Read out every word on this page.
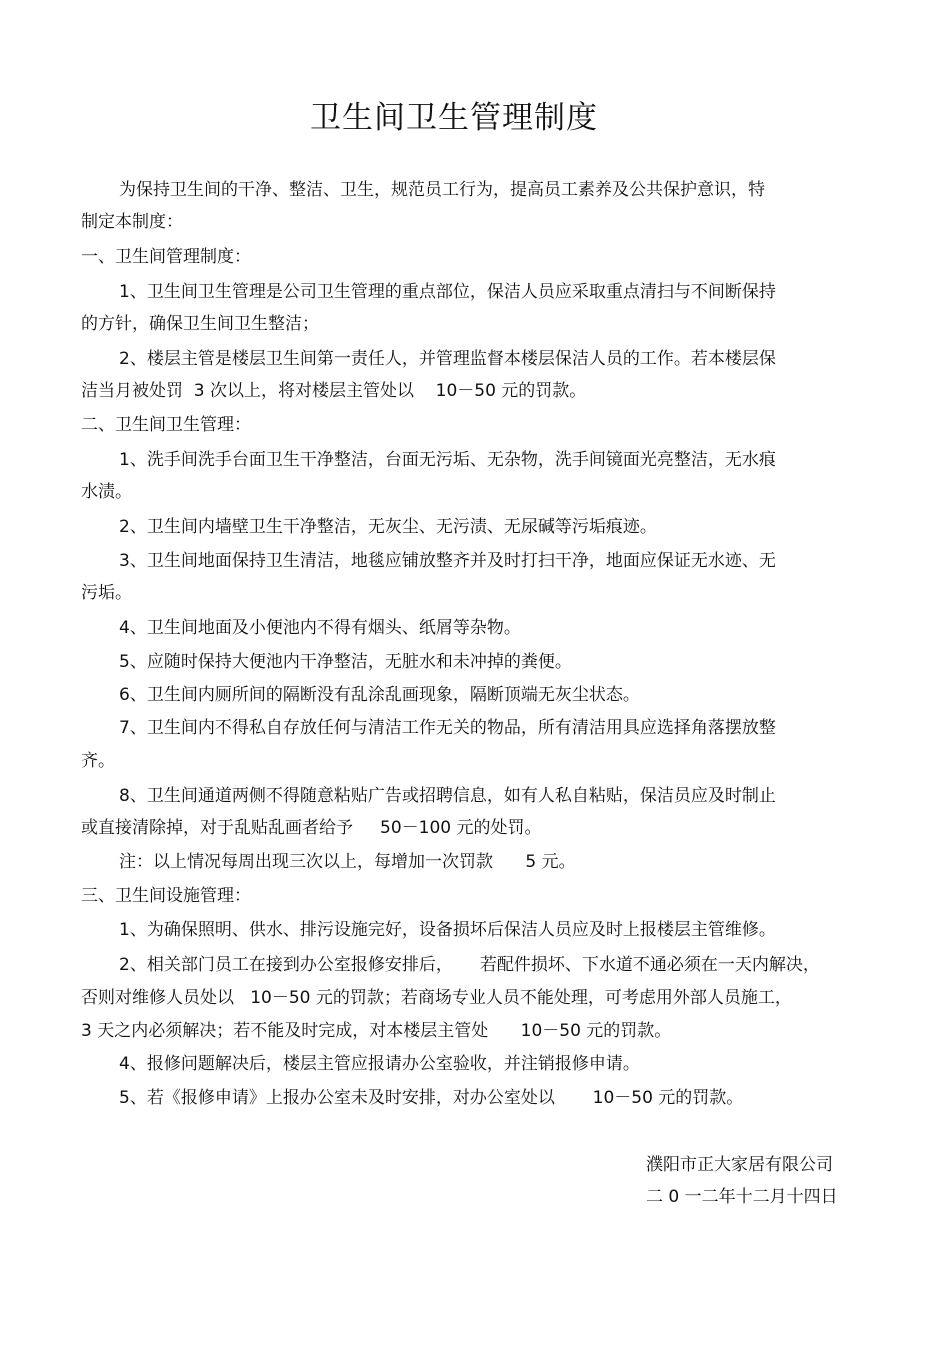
卫生间卫生管理制度

为保持卫生间的干净、整洁、卫生，规范员工行为，提高员工素养及公共保护意识，特

制定本制度：

一、卫生间管理制度：

1、卫生间卫生管理是公司卫生管理的重点部位，保洁人员应采取重点清扫与不间断保持

的方针，确保卫生间卫生整洁；

2、楼层主管是楼层卫生间第一责任人，并管理监督本楼层保洁人员的工作。若本楼层保

洁当月被处罚  3 次以上，将对楼层主管处以    10－50 元的罚款。

二、卫生间卫生管理：

1、洗手间洗手台面卫生干净整洁，台面无污垢、无杂物，洗手间镜面光亮整洁，无水痕

水渍。

2、卫生间内墙壁卫生干净整洁，无灰尘、无污渍、无尿碱等污垢痕迹。

3、卫生间地面保持卫生清洁，地毯应铺放整齐并及时打扫干净，地面应保证无水迹、无

污垢。

4、卫生间地面及小便池内不得有烟头、纸屑等杂物。

5、应随时保持大便池内干净整洁，无脏水和未冲掉的粪便。

6、卫生间内厕所间的隔断没有乱涂乱画现象，隔断顶端无灰尘状态。

7、卫生间内不得私自存放任何与清洁工作无关的物品，所有清洁用具应选择角落摆放整

齐。

8、卫生间通道两侧不得随意粘贴广告或招聘信息，如有人私自粘贴，保洁员应及时制止

或直接清除掉，对于乱贴乱画者给予     50－100 元的处罚。

注：以上情况每周出现三次以上，每增加一次罚款      5 元。

三、卫生间设施管理：

1、为确保照明、供水、排污设施完好，设备损坏后保洁人员应及时上报楼层主管维修。

2、相关部门员工在接到办公室报修安排后，     若配件损坏、下水道不通必须在一天内解决，

否则对维修人员处以   10－50 元的罚款；若商场专业人员不能处理，可考虑用外部人员施工，

3 天之内必须解决；若不能及时完成，对本楼层主管处      10－50 元的罚款。

4、报修问题解决后，楼层主管应报请办公室验收，并注销报修申请。

5、若《报修申请》上报办公室未及时安排，对办公室处以       10－50 元的罚款。

濮阳市正大家居有限公司

二 0 一二年十二月十四日
